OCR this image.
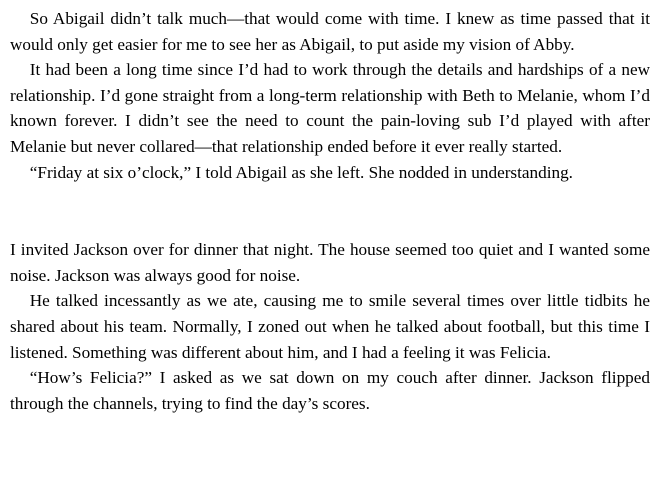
So Abigail didn’t talk much—that would come with time. I knew as time passed that it would only get easier for me to see her as Abigail, to put aside my vision of Abby.

It had been a long time since I’d had to work through the details and hardships of a new relationship. I’d gone straight from a long-term relationship with Beth to Melanie, whom I’d known forever. I didn’t see the need to count the pain-loving sub I’d played with after Melanie but never collared—that relationship ended before it ever really started.

“Friday at six o’clock,” I told Abigail as she left. She nodded in understanding.

I invited Jackson over for dinner that night. The house seemed too quiet and I wanted some noise. Jackson was always good for noise.

He talked incessantly as we ate, causing me to smile several times over little tidbits he shared about his team. Normally, I zoned out when he talked about football, but this time I listened. Something was different about him, and I had a feeling it was Felicia.

“How’s Felicia?” I asked as we sat down on my couch after dinner. Jackson flipped through the channels, trying to find the day’s scores.
